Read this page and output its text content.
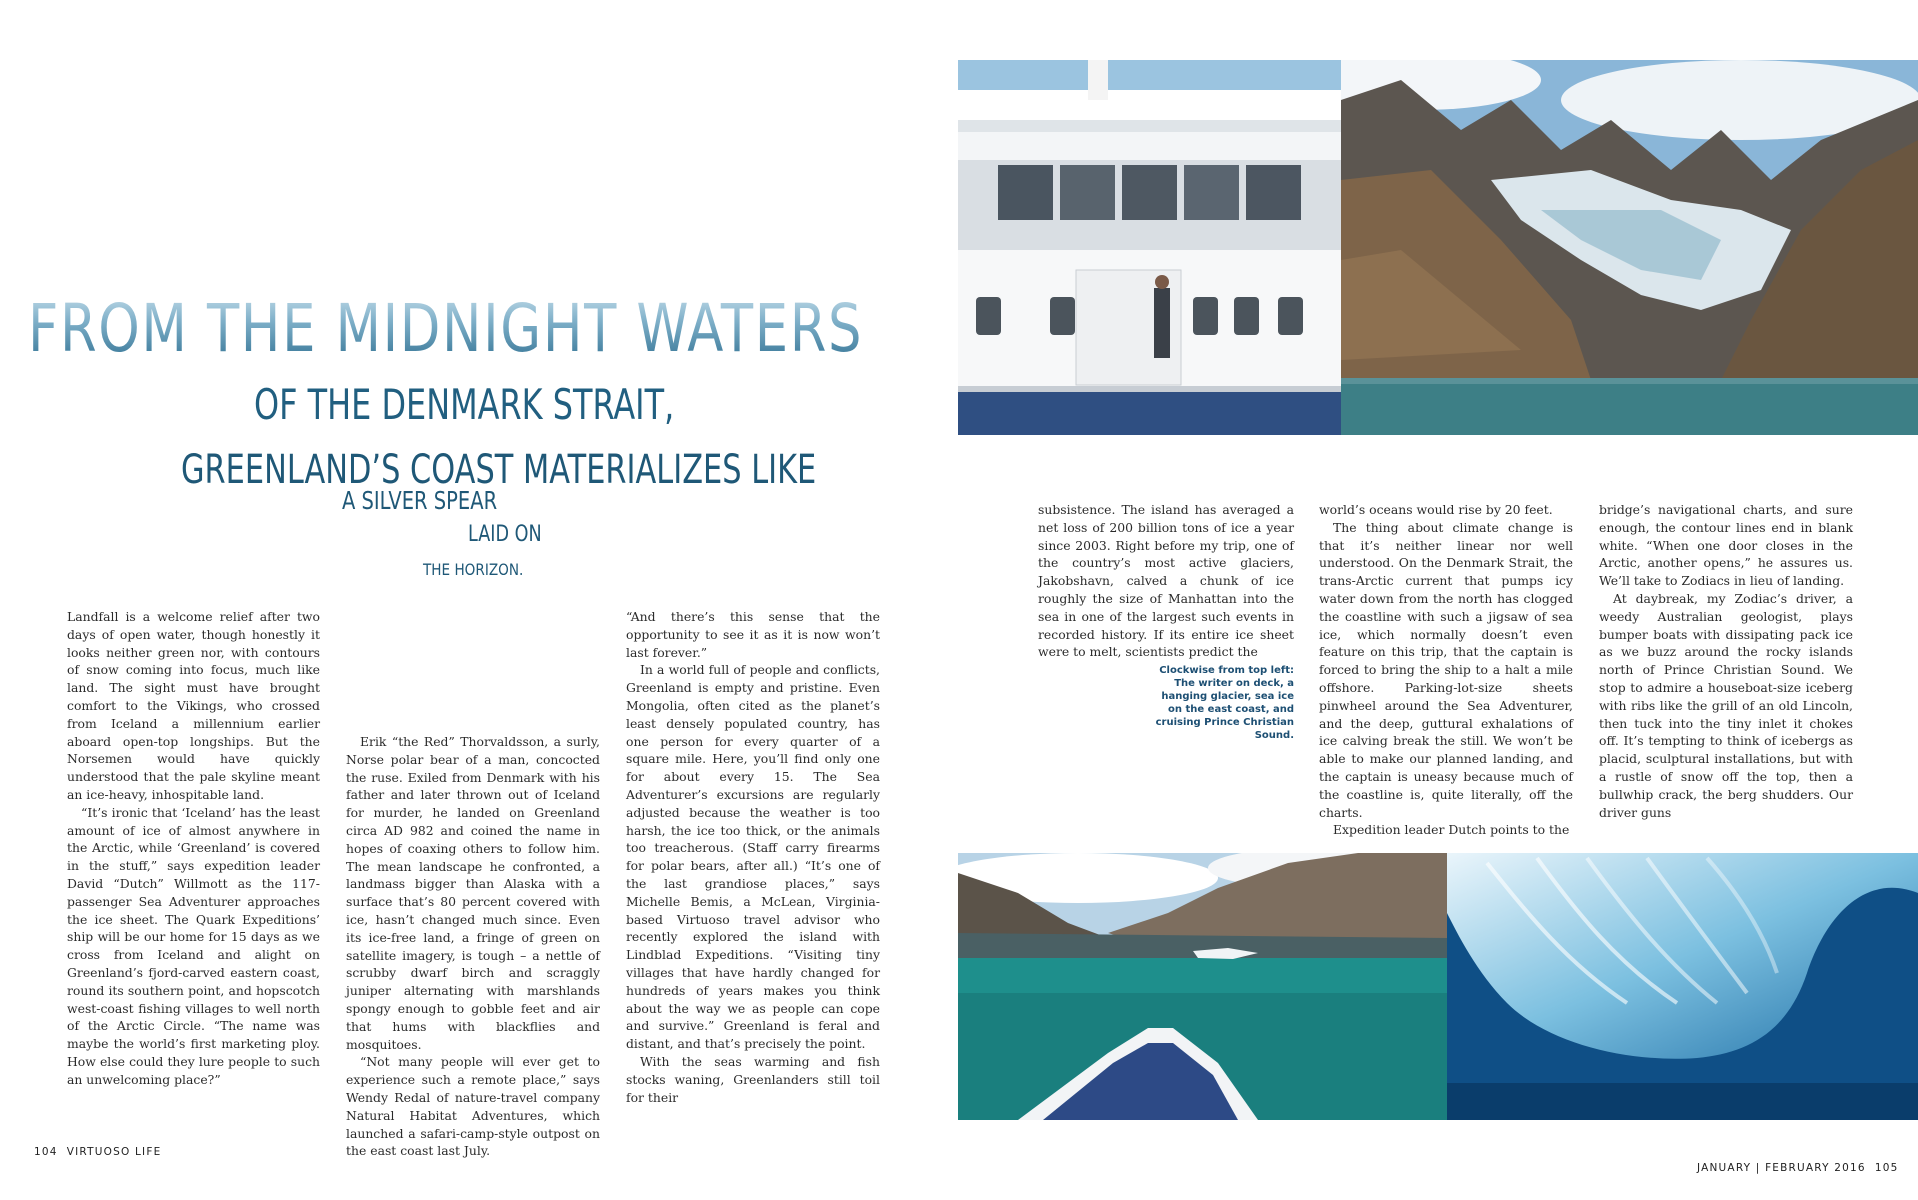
FROM THE MIDNIGHT WATERS
OF THE DENMARK STRAIT,
GREENLAND’S COAST MATERIALIZES LIKE
A SILVER SPEAR
LAID ON
THE HORIZON.

Landfall is a welcome relief after two days of open water, though honestly it looks neither green nor, with contours of snow coming into focus, much like land. The sight must have brought comfort to the Vikings, who crossed from Iceland a millennium earlier aboard open-top longships. But the Norsemen would have quickly understood that the pale skyline meant an ice-heavy, inhospitable land.

“It’s ironic that ‘Iceland’ has the least amount of ice of almost anywhere in the Arctic, while ‘Greenland’ is covered in the stuff,” says expedition leader David “Dutch” Willmott as the 117-passenger Sea Adventurer approaches the ice sheet. The Quark Expeditions’ ship will be our home for 15 days as we cross from Iceland and alight on Greenland’s fjord-carved eastern coast, round its southern point, and hopscotch west-coast fishing villages to well north of the Arctic Circle. “The name was maybe the world’s first marketing ploy. How else could they lure people to such an unwelcoming place?”

Erik “the Red” Thorvaldsson, a surly, Norse polar bear of a man, concocted the ruse. Exiled from Denmark with his father and later thrown out of Iceland for murder, he landed on Greenland circa AD 982 and coined the name in hopes of coaxing others to follow him. The mean landscape he confronted, a landmass bigger than Alaska with a surface that’s 80 percent covered with ice, hasn’t changed much since. Even its ice-free land, a fringe of green on satellite imagery, is tough – a nettle of scrubby dwarf birch and scraggly juniper alternating with marshlands spongy enough to gobble feet and air that hums with blackflies and mosquitoes.

“Not many people will ever get to experience such a remote place,” says Wendy Redal of nature-travel company Natural Habitat Adventures, which launched a safari-camp-style outpost on the east coast last July.

“And there’s this sense that the opportunity to see it as it is now won’t last forever.”

In a world full of people and conflicts, Greenland is empty and pristine. Even Mongolia, often cited as the planet’s least densely populated country, has one person for every quarter of a square mile. Here, you’ll find only one for about every 15. The Sea Adventurer’s excursions are regularly adjusted because the weather is too harsh, the ice too thick, or the animals too treacherous. (Staff carry firearms for polar bears, after all.) “It’s one of the last grandiose places,” says Michelle Bemis, a McLean, Virginia-based Virtuoso travel advisor who recently explored the island with Lindblad Expeditions. “Visiting tiny villages that have hardly changed for hundreds of years makes you think about the way we as people can cope and survive.” Greenland is feral and distant, and that’s precisely the point.

With the seas warming and fish stocks waning, Greenlanders still toil for their

subsistence. The island has averaged a net loss of 200 billion tons of ice a year since 2003. Right before my trip, one of the country’s most active glaciers, Jakobshavn, calved a chunk of ice roughly the size of Manhattan into the sea in one of the largest such events in recorded history. If its entire ice sheet were to melt, scientists predict the

world’s oceans would rise by 20 feet.

The thing about climate change is that it’s neither linear nor well understood. On the Denmark Strait, the trans-Arctic current that pumps icy water down from the north has clogged the coastline with such a jigsaw of sea ice, which normally doesn’t even feature on this trip, that the captain is forced to bring the ship to a halt a mile offshore. Parking-lot-size sheets pinwheel around the Sea Adventurer, and the deep, guttural exhalations of ice calving break the still. We won’t be able to make our planned landing, and the captain is uneasy because much of the coastline is, quite literally, off the charts.

Expedition leader Dutch points to the

bridge’s navigational charts, and sure enough, the contour lines end in blank white. “When one door closes in the Arctic, another opens,” he assures us. We’ll take to Zodiacs in lieu of landing.

At daybreak, my Zodiac’s driver, a weedy Australian geologist, plays bumper boats with dissipating pack ice as we buzz around the rocky islands north of Prince Christian Sound. We stop to admire a houseboat-size iceberg with ribs like the grill of an old Lincoln, then tuck into the tiny inlet it chokes off. It’s tempting to think of icebergs as placid, sculptural installations, but with a rustle of snow off the top, then a bullwhip crack, the berg shudders. Our driver guns

Clockwise from top left: The writer on deck, a hanging glacier, sea ice on the east coast, and cruising Prince Christian Sound.
104 VIRTUOSO LIFE
JANUARY | FEBRUARY 2016 105
